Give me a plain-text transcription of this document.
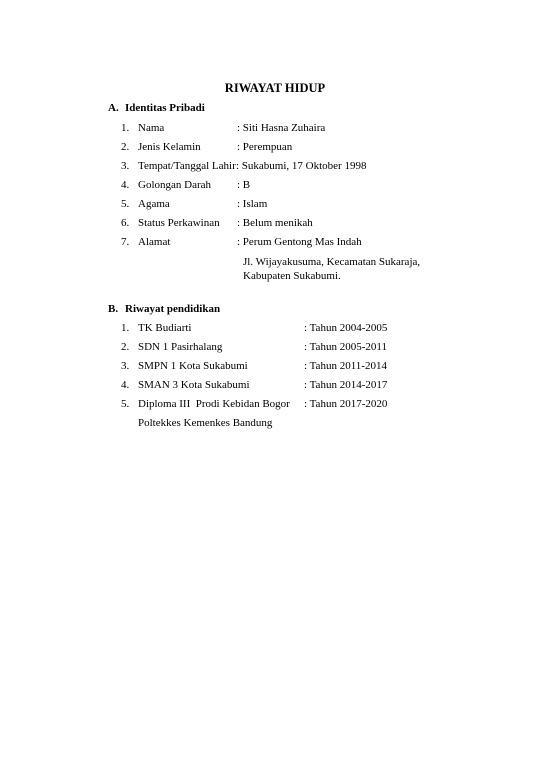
RIWAYAT HIDUP
A. Identitas Pribadi
1. Nama	: Siti Hasna Zuhaira
2. Jenis Kelamin	: Perempuan
3. Tempat/Tanggal Lahir : Sukabumi, 17 Oktober 1998
4. Golongan Darah : B
5. Agama	: Islam
6. Status Perkawinan : Belum menikah
7. Alamat	: Perum Gentong Mas Indah
Jl. Wijayakusuma, Kecamatan Sukaraja,
Kabupaten Sukabumi.
B. Riwayat pendidikan
1. TK Budiarti	: Tahun 2004-2005
2. SDN 1 Pasirhalang	: Tahun 2005-2011
3. SMPN 1 Kota Sukabumi	: Tahun 2011-2014
4. SMAN 3 Kota Sukabumi	: Tahun 2014-2017
5. Diploma III  Prodi Kebidan Bogor : Tahun 2017-2020
Poltekkes Kemenkes Bandung
